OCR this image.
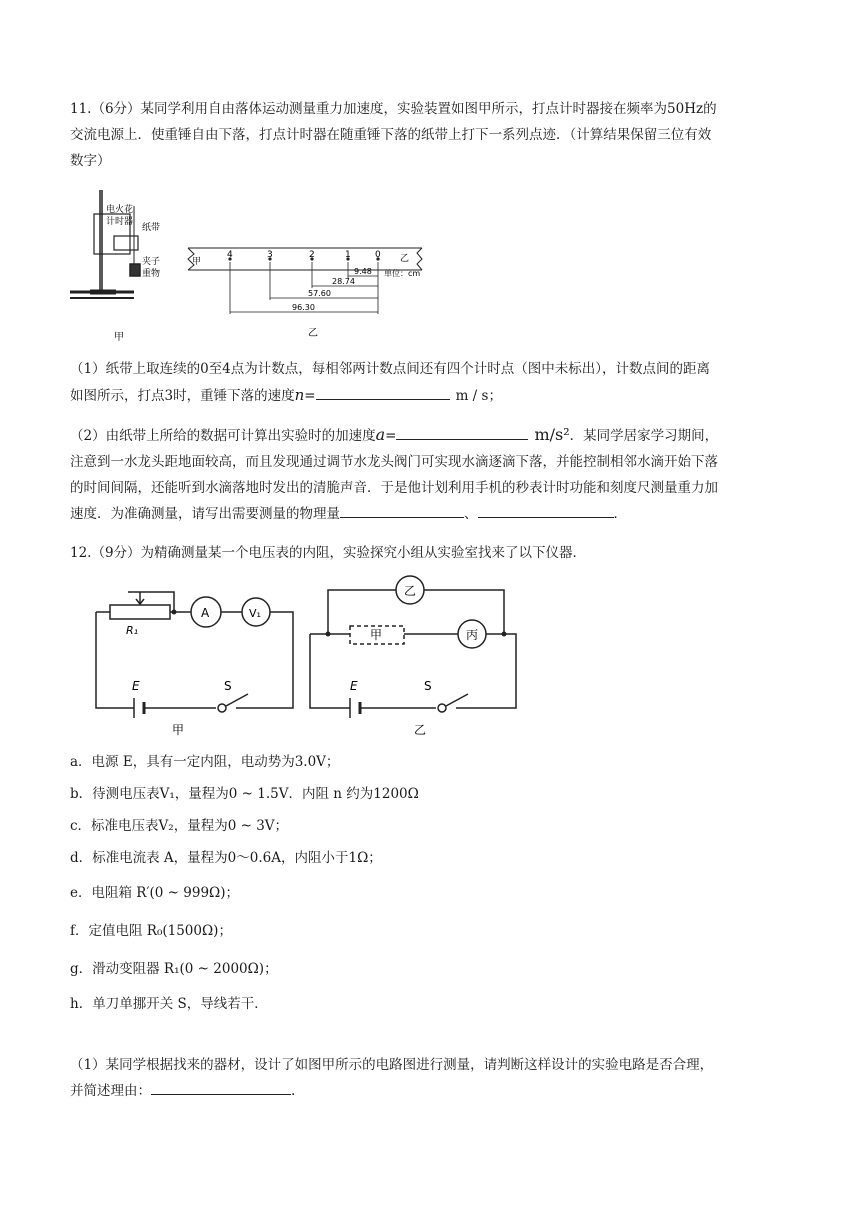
11.（6分）某同学利用自由落体运动测量重力加速度，实验装置如图甲所示，打点计时器接在频率为50Hz的
交流电源上．使重锤自由下落，打点计时器在随重锤下落的纸带上打下一系列点迹．（计算结果保留三位有效
数字）
电火花
计时器
纸带
夹子
重物
甲	乙
4	3	2	1	0
9.48
28.74
57.60
96.30
单位：cm
甲	乙
（1）纸带上取连续的0至4点为计数点，每相邻两计数点间还有四个计时点（图中未标出），计数点间的距离
如图所示，打点3时，重锤下落的速度n=	m / s；
（2）由纸带上所给的数据可计算出实验时的加速度a=	m/s²．某同学居家学习期间，
注意到一水龙头距地面较高，而且发现通过调节水龙头阀门可实现水滴逐滴下落，并能控制相邻水滴开始下落
的时间间隔，还能听到水滴落地时发出的清脆声音．于是他计划利用手机的秒表计时功能和刻度尺测量重力加
速度．为准确测量，请写出需要测量的物理量	、	．
12.（9分）为精确测量某一个电压表的内阻，实验探究小组从实验室找来了以下仪器．
R₁
A	V₁
E	S
甲
乙
甲	丙
E	S
乙
a．电源 E，具有一定内阻，电动势为3.0V；
b．待测电压表V₁，量程为0 ~ 1.5V．内阻 n 约为1200Ω
c．标准电压表V₂，量程为0 ~ 3V；
d．标准电流表 A，量程为0～0.6A，内阻小于1Ω；
e．电阻箱 R′(0 ~ 999Ω)；
f．定值电阻 R₀(1500Ω)；
g．滑动变阻器 R₁(0 ~ 2000Ω)；
h．单刀单挪开关 S，导线若干．
（1）某同学根据找来的器材，设计了如图甲所示的电路图进行测量，请判断这样设计的实验电路是否合理，
并简述理由：	.
